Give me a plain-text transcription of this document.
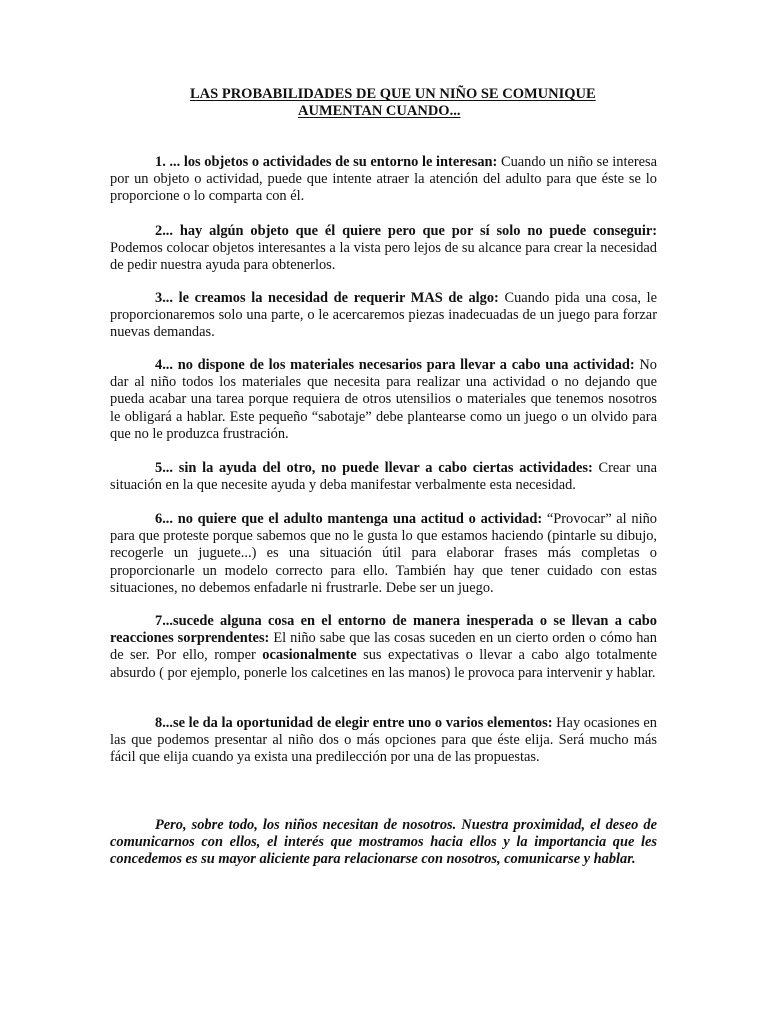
LAS PROBABILIDADES DE QUE UN NIÑO SE COMUNIQUE
AUMENTAN CUANDO...

1. ... los objetos o actividades de su entorno le interesan: Cuando un niño se interesa por un objeto o actividad, puede que intente atraer la atención del adulto para que éste se lo proporcione o lo comparta con él.

2... hay algún objeto que él quiere pero que por sí solo no puede conseguir: Podemos colocar objetos interesantes a la vista pero lejos de su alcance para crear la necesidad de pedir nuestra ayuda para obtenerlos.

3... le creamos la necesidad de requerir MAS de algo: Cuando pida una cosa, le proporcionaremos solo una parte, o le acercaremos piezas inadecuadas de un juego para forzar nuevas demandas.

4... no dispone de los materiales necesarios para llevar a cabo una actividad: No dar al niño todos los materiales que necesita para realizar una actividad o no dejando que pueda acabar una tarea porque requiera de otros utensilios o materiales que tenemos nosotros le obligará a hablar. Este pequeño “sabotaje” debe plantearse como un juego o un olvido para que no le produzca frustración.

5... sin la ayuda del otro, no puede llevar a cabo ciertas actividades: Crear una situación en la que necesite ayuda y deba manifestar verbalmente esta necesidad.

6... no quiere que el adulto mantenga una actitud o actividad: “Provocar” al niño para que proteste porque sabemos que no le gusta lo que estamos haciendo (pintarle su dibujo, recogerle un juguete...) es una situación útil para elaborar frases más completas o proporcionarle un modelo correcto para ello. También hay que tener cuidado con estas situaciones, no debemos enfadarle ni frustrarle. Debe ser un juego.

7...sucede alguna cosa en el entorno de manera inesperada o se llevan a cabo reacciones sorprendentes: El niño sabe que las cosas suceden en un cierto orden o cómo han de ser. Por ello, romper ocasionalmente sus expectativas o llevar a cabo algo totalmente absurdo ( por ejemplo, ponerle los calcetines en las manos) le provoca para intervenir y hablar.

8...se le da la oportunidad de elegir entre uno o varios elementos: Hay ocasiones en las que podemos presentar al niño dos o más opciones para que éste elija. Será mucho más fácil que elija cuando ya exista una predilección por una de las propuestas.

Pero, sobre todo, los niños necesitan de nosotros. Nuestra proximidad, el deseo de comunicarnos con ellos, el interés que mostramos hacia ellos y la importancia que les concedemos es su mayor aliciente para relacionarse con nosotros, comunicarse y hablar.
